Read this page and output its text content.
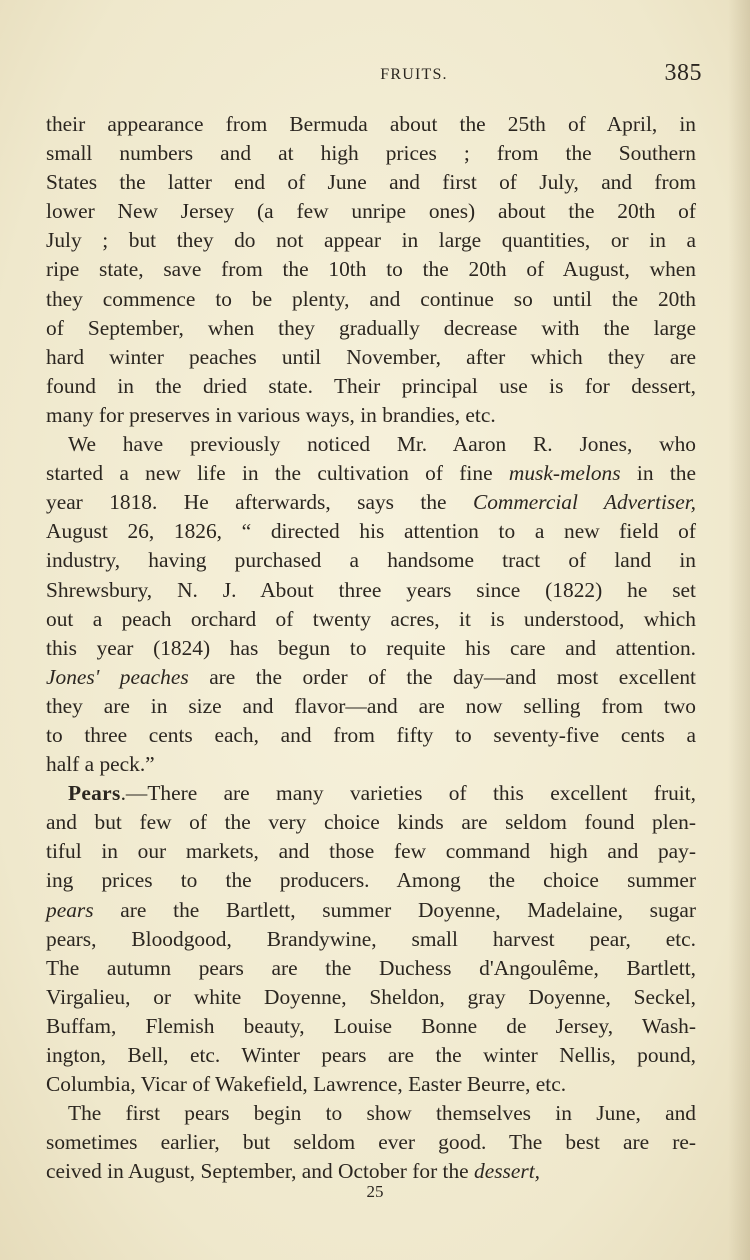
FRUITS.	385
their appearance from Bermuda about the 25th of April, in
small numbers and at high prices ; from the Southern
States the latter end of June and first of July, and from
lower New Jersey (a few unripe ones) about the 20th of
July ; but they do not appear in large quantities, or in a
ripe state, save from the 10th to the 20th of August, when
they commence to be plenty, and continue so until the 20th
of September, when they gradually decrease with the large
hard winter peaches until November, after which they are
found in the dried state. Their principal use is for dessert,
many for preserves in various ways, in brandies, etc.
We have previously noticed Mr. Aaron R. Jones, who
started a new life in the cultivation of fine musk-melons in the
year 1818. He afterwards, says the Commercial Advertiser,
August 26, 1826, “ directed his attention to a new field of
industry, having purchased a handsome tract of land in
Shrewsbury, N. J. About three years since (1822) he set
out a peach orchard of twenty acres, it is understood, which
this year (1824) has begun to requite his care and attention.
Jones' peaches are the order of the day—and most excellent
they are in size and flavor—and are now selling from two
to three cents each, and from fifty to seventy-five cents a
half a peck.”
Pears.—There are many varieties of this excellent fruit,
and but few of the very choice kinds are seldom found plen-
tiful in our markets, and those few command high and pay-
ing prices to the producers. Among the choice summer
pears are the Bartlett, summer Doyenne, Madelaine, sugar
pears, Bloodgood, Brandywine, small harvest pear, etc.
The autumn pears are the Duchess d'Angoulême, Bartlett,
Virgalieu, or white Doyenne, Sheldon, gray Doyenne, Seckel,
Buffam, Flemish beauty, Louise Bonne de Jersey, Wash-
ington, Bell, etc. Winter pears are the winter Nellis, pound,
Columbia, Vicar of Wakefield, Lawrence, Easter Beurre, etc.
The first pears begin to show themselves in June, and
sometimes earlier, but seldom ever good. The best are re-
ceived in August, September, and October for the dessert,
25
